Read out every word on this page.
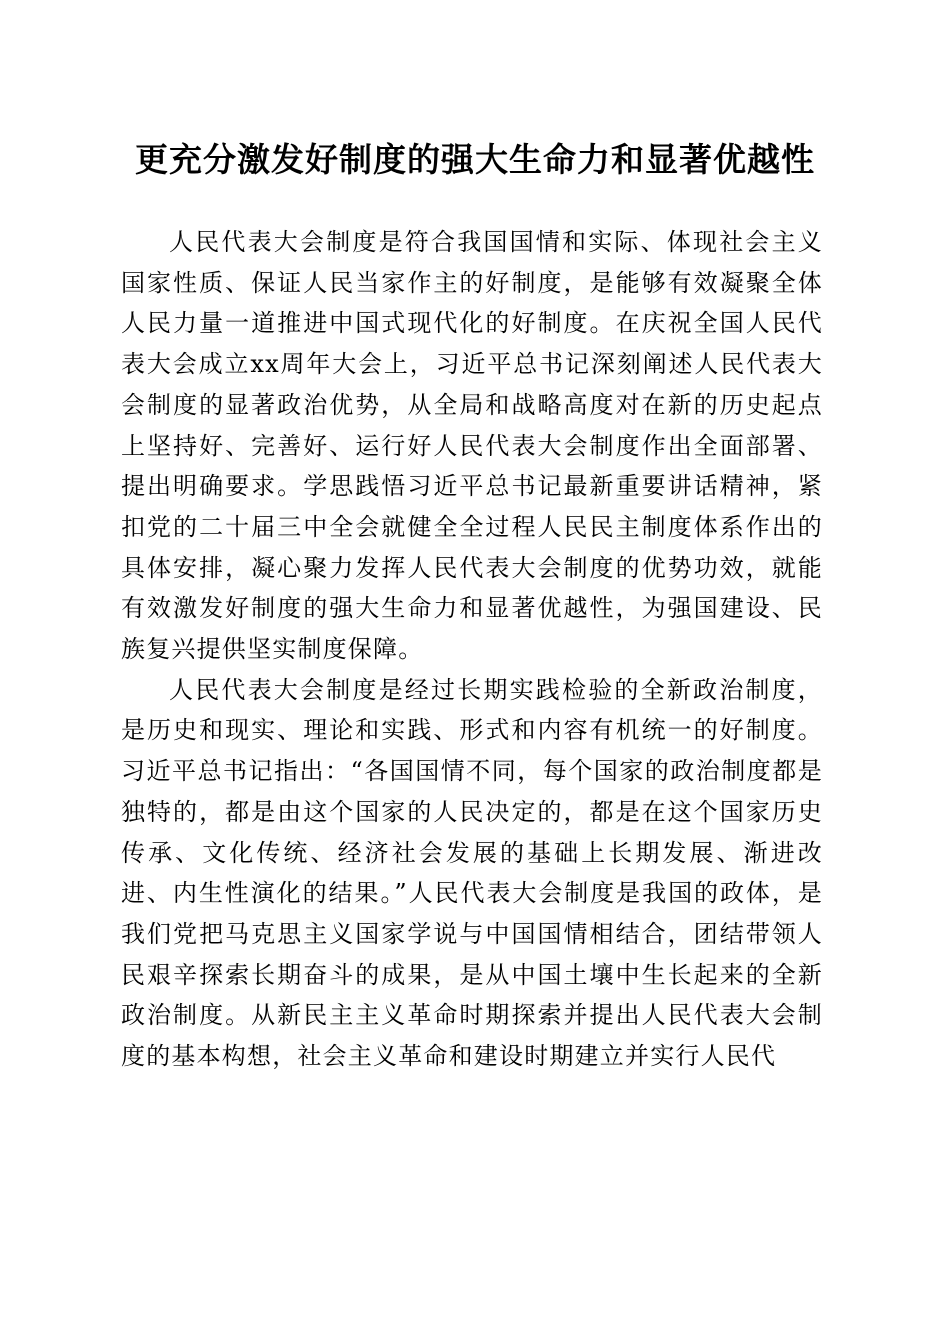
更充分激发好制度的强大生命力和显著优越性

人民代表大会制度是符合我国国情和实际、体现社会主义国家性质、保证人民当家作主的好制度，是能够有效凝聚全体人民力量一道推进中国式现代化的好制度。在庆祝全国人民代表大会成立xx周年大会上，习近平总书记深刻阐述人民代表大会制度的显著政治优势，从全局和战略高度对在新的历史起点上坚持好、完善好、运行好人民代表大会制度作出全面部署、提出明确要求。学思践悟习近平总书记最新重要讲话精神，紧扣党的二十届三中全会就健全全过程人民民主制度体系作出的具体安排，凝心聚力发挥人民代表大会制度的优势功效，就能有效激发好制度的强大生命力和显著优越性，为强国建设、民族复兴提供坚实制度保障。

人民代表大会制度是经过长期实践检验的全新政治制度，是历史和现实、理论和实践、形式和内容有机统一的好制度。习近平总书记指出：“各国国情不同，每个国家的政治制度都是独特的，都是由这个国家的人民决定的，都是在这个国家历史传承、文化传统、经济社会发展的基础上长期发展、渐进改进、内生性演化的结果。”人民代表大会制度是我国的政体，是我们党把马克思主义国家学说与中国国情相结合，团结带领人民艰辛探索长期奋斗的成果，是从中国土壤中生长起来的全新政治制度。从新民主主义革命时期探索并提出人民代表大会制度的基本构想，社会主义革命和建设时期建立并实行人民代
